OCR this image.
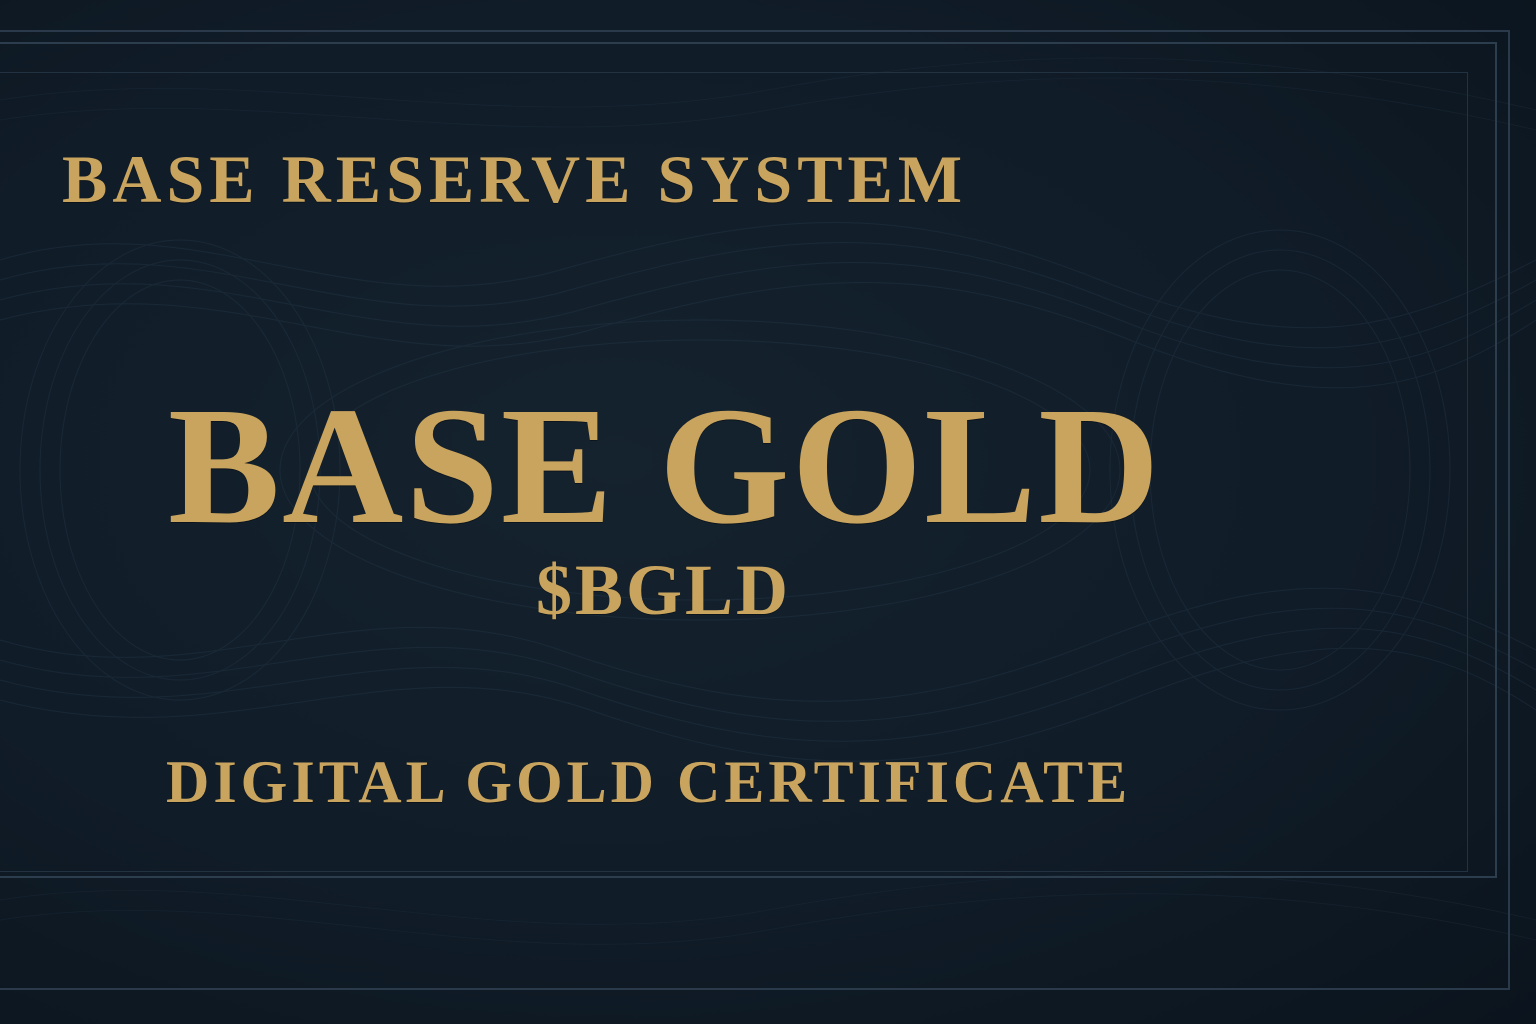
BASE RESERVE SYSTEM
BASE GOLD
$BGLD
DIGITAL GOLD CERTIFICATE
